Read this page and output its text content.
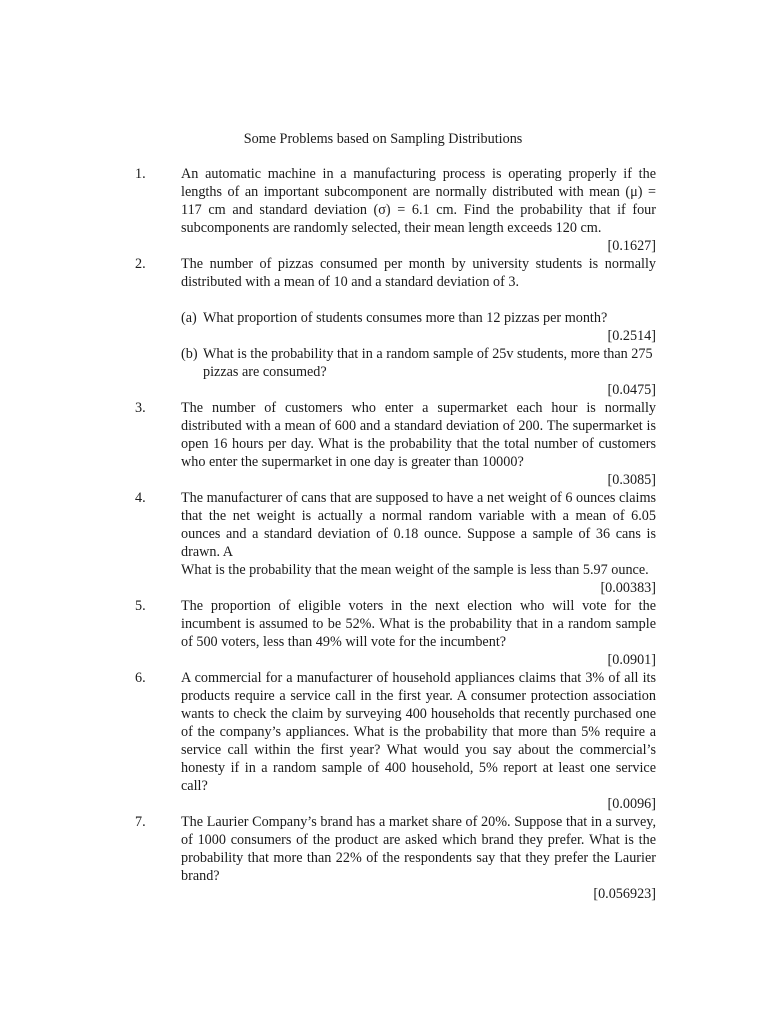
Some Problems based on Sampling Distributions
1. An automatic machine in a manufacturing process is operating properly if the lengths of an important subcomponent are normally distributed with mean (μ) = 117 cm and standard deviation (σ) = 6.1 cm. Find the probability that if four subcomponents are randomly selected, their mean length exceeds 120 cm.
[0.1627]
2. The number of pizzas consumed per month by university students is normally distributed with a mean of 10 and a standard deviation of 3.
(a) What proportion of students consumes more than 12 pizzas per month?
[0.2514]
(b) What is the probability that in a random sample of 25v students, more than 275 pizzas are consumed?
[0.0475]
3. The number of customers who enter a supermarket each hour is normally distributed with a mean of 600 and a standard deviation of 200. The supermarket is open 16 hours per day. What is the probability that the total number of customers who enter the supermarket in one day is greater than 10000?
[0.3085]
4. The manufacturer of cans that are supposed to have a net weight of 6 ounces claims that the net weight is actually a normal random variable with a mean of 6.05 ounces and a standard deviation of 0.18 ounce. Suppose a sample of 36 cans is drawn. A
What is the probability that the mean weight of the sample is less than 5.97 ounce.
[0.00383]
5. The proportion of eligible voters in the next election who will vote for the incumbent is assumed to be 52%. What is the probability that in a random sample of 500 voters, less than 49% will vote for the incumbent?
[0.0901]
6. A commercial for a manufacturer of household appliances claims that 3% of all its products require a service call in the first year. A consumer protection association wants to check the claim by surveying 400 households that recently purchased one of the company’s appliances. What is the probability that more than 5% require a service call within the first year? What would you say about the commercial’s honesty if in a random sample of 400 household, 5% report at least one service call?
[0.0096]
7. The Laurier Company’s brand has a market share of 20%. Suppose that in a survey, of 1000 consumers of the product are asked which brand they prefer. What is the probability that more than 22% of the respondents say that they prefer the Laurier brand?
[0.056923]
